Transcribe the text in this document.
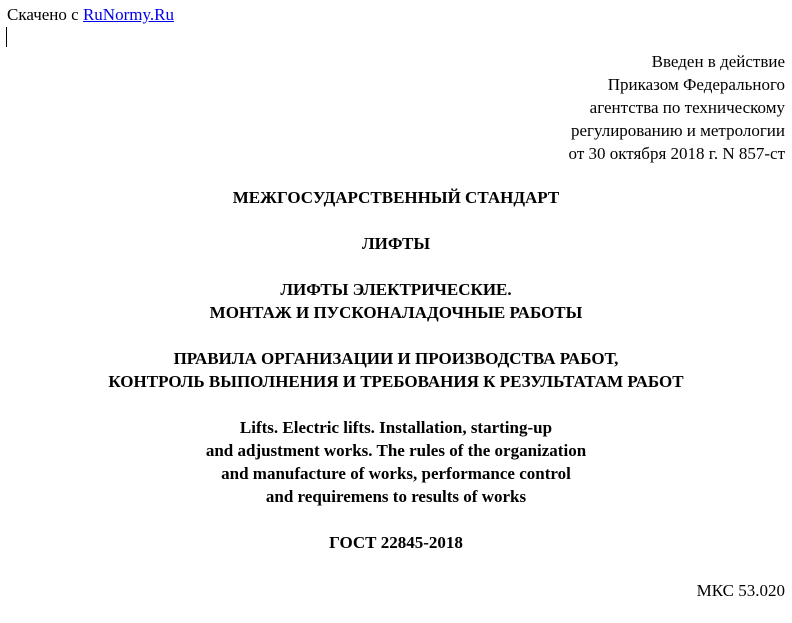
Скачено с RuNormy.Ru
Введен в действие
Приказом Федерального
агентства по техническому
регулированию и метрологии
от 30 октября 2018 г. N 857-ст
МЕЖГОСУДАРСТВЕННЫЙ СТАНДАРТ
ЛИФТЫ
ЛИФТЫ ЭЛЕКТРИЧЕСКИЕ.
МОНТАЖ И ПУСКОНАЛАДОЧНЫЕ РАБОТЫ
ПРАВИЛА ОРГАНИЗАЦИИ И ПРОИЗВОДСТВА РАБОТ,
КОНТРОЛЬ ВЫПОЛНЕНИЯ И ТРЕБОВАНИЯ К РЕЗУЛЬТАТАМ РАБОТ
Lifts. Electric lifts. Installation, starting-up
and adjustment works. The rules of the organization
and manufacture of works, performance control
and requiremens to results of works
ГОСТ 22845-2018
МКС 53.020
